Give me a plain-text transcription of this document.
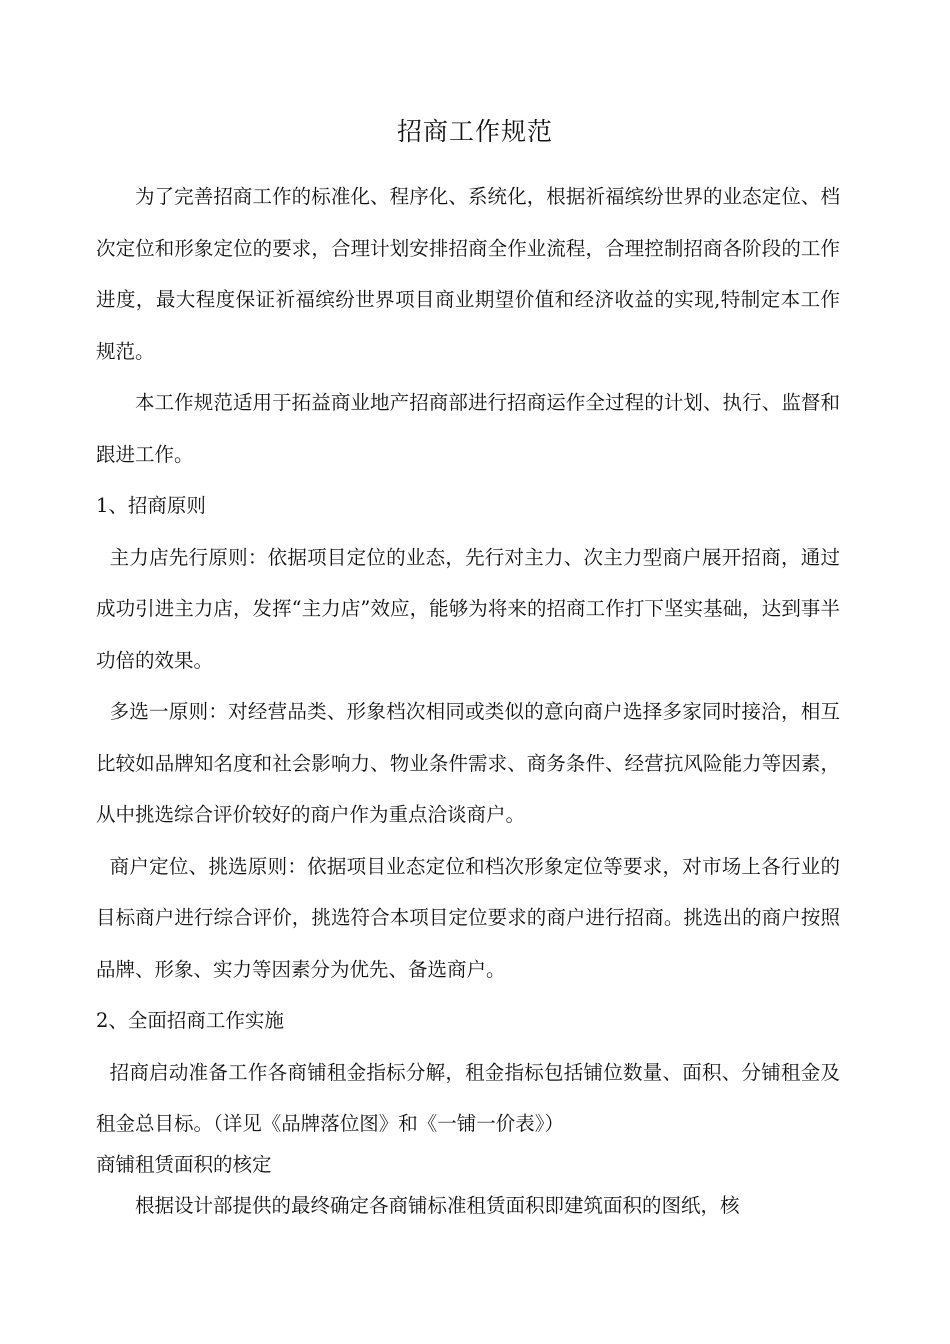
招商工作规范

为了完善招商工作的标准化、程序化、系统化，根据祈福缤纷世界的业态定位、档次定位和形象定位的要求，合理计划安排招商全作业流程，合理控制招商各阶段的工作进度，最大程度保证祈福缤纷世界项目商业期望价值和经济收益的实现,特制定本工作规范。

本工作规范适用于拓益商业地产招商部进行招商运作全过程的计划、执行、监督和跟进工作。

1、招商原则

主力店先行原则：依据项目定位的业态，先行对主力、次主力型商户展开招商，通过成功引进主力店，发挥“主力店”效应，能够为将来的招商工作打下坚实基础，达到事半功倍的效果。

多选一原则：对经营品类、形象档次相同或类似的意向商户选择多家同时接洽，相互比较如品牌知名度和社会影响力、物业条件需求、商务条件、经营抗风险能力等因素，从中挑选综合评价较好的商户作为重点洽谈商户。

商户定位、挑选原则：依据项目业态定位和档次形象定位等要求，对市场上各行业的目标商户进行综合评价，挑选符合本项目定位要求的商户进行招商。挑选出的商户按照品牌、形象、实力等因素分为优先、备选商户。

2、全面招商工作实施

招商启动准备工作各商铺租金指标分解，租金指标包括铺位数量、面积、分铺租金及租金总目标。（详见《品牌落位图》和《一铺一价表》）

商铺租赁面积的核定

根据设计部提供的最终确定各商铺标准租赁面积即建筑面积的图纸，核
